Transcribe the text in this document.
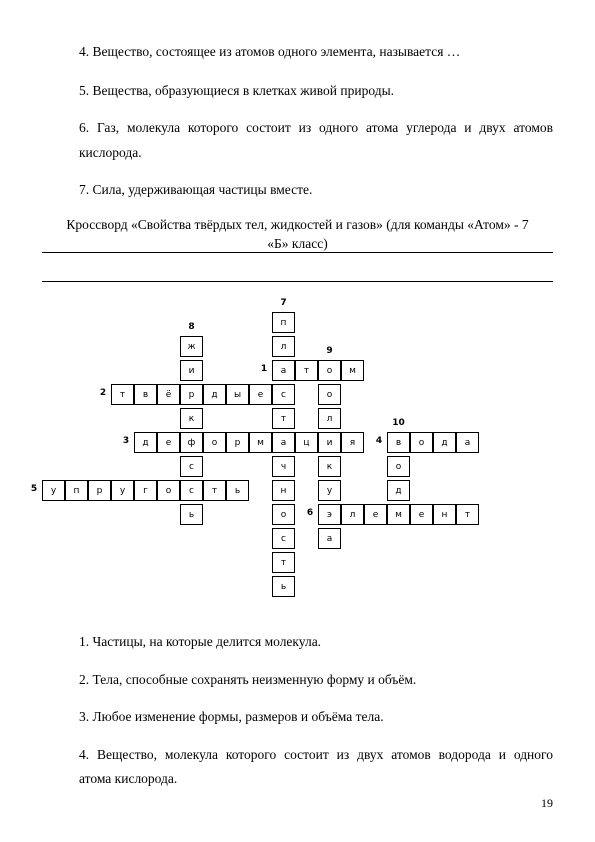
4. Вещество, состоящее из атомов одного элемента, называется …
5. Вещества, образующиеся в клетках живой природы.
6. Газ, молекула которого состоит из одного атома углерода и двух атомов
кислорода.
7. Сила, удерживающая частицы вместе.
Кроссворд «Свойства твёрдых тел, жидкостей и газов» (для команды «Атом» - 7
«Б» класс)
а	т	о	м
1
т	в	ё	р	д	ы	е
2
д	е	ф	о	р	м	а	ц	и	я
3	в	о	д	а
4
у	п	р	у	г	о	с	т	ь
5
э	л	е	м	е	н	т
6
п
л
с
т
ч
н
о
с
т
ь
7
ж
и
к
с
ь
8
о
л
к
у
а
9
о
д
10
1. Частицы, на которые делится молекула.
2. Тела, способные сохранять неизменную форму и объём.
3. Любое изменение формы, размеров и объёма тела.
4. Вещество, молекула которого состоит из двух атомов водорода и одного
атома кислорода.
19
